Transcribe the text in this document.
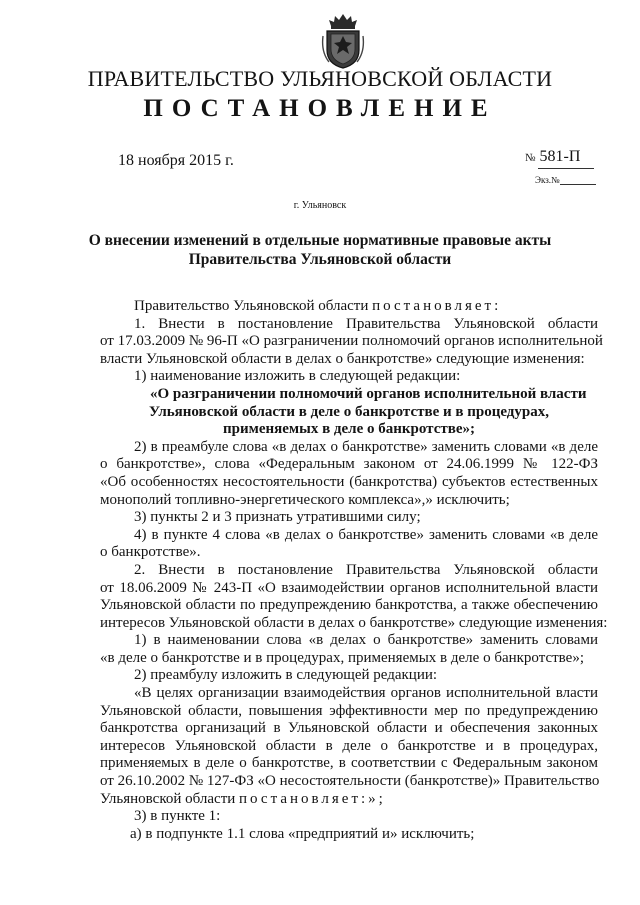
ПРАВИТЕЛЬСТВО УЛЬЯНОВСКОЙ ОБЛАСТИ
ПОСТАНОВЛЕНИЕ
18 ноября 2015 г.	№ 581-П
Экз.№
г. Ульяновск
О внесении изменений в отдельные нормативные правовые акты
Правительства Ульяновской области
Правительство Ульяновской области постановляет:
1. Внести в постановление Правительства Ульяновской области
от 17.03.2009 № 96-П «О разграничении полномочий органов исполнительной
власти Ульяновской области в делах о банкротстве» следующие изменения:
1) наименование изложить в следующей редакции:
«О разграничении полномочий органов исполнительной власти
Ульяновской области в деле о банкротстве и в процедурах,
применяемых в деле о банкротстве»;
2) в преамбуле слова «в делах о банкротстве» заменить словами «в деле
о банкротстве», слова «Федеральным законом от 24.06.1999 № 122-ФЗ
«Об особенностях несостоятельности (банкротства) субъектов естественных
монополий топливно-энергетического комплекса»,» исключить;
3) пункты 2 и 3 признать утратившими силу;
4) в пункте 4 слова «в делах о банкротстве» заменить словами «в деле
о банкротстве».
2. Внести в постановление Правительства Ульяновской области
от 18.06.2009 № 243-П «О взаимодействии органов исполнительной власти
Ульяновской области по предупреждению банкротства, а также обеспечению
интересов Ульяновской области в делах о банкротстве» следующие изменения:
1) в наименовании слова «в делах о банкротстве» заменить словами
«в деле о банкротстве и в процедурах, применяемых в деле о банкротстве»;
2) преамбулу изложить в следующей редакции:
«В целях организации взаимодействия органов исполнительной власти
Ульяновской области, повышения эффективности мер по предупреждению
банкротства организаций в Ульяновской области и обеспечения законных
интересов Ульяновской области в деле о банкротстве и в процедурах,
применяемых в деле о банкротстве, в соответствии с Федеральным законом
от 26.10.2002 № 127-ФЗ «О несостоятельности (банкротстве)» Правительство
Ульяновской области постановляет:»;
3) в пункте 1:
а) в подпункте 1.1 слова «предприятий и» исключить;
